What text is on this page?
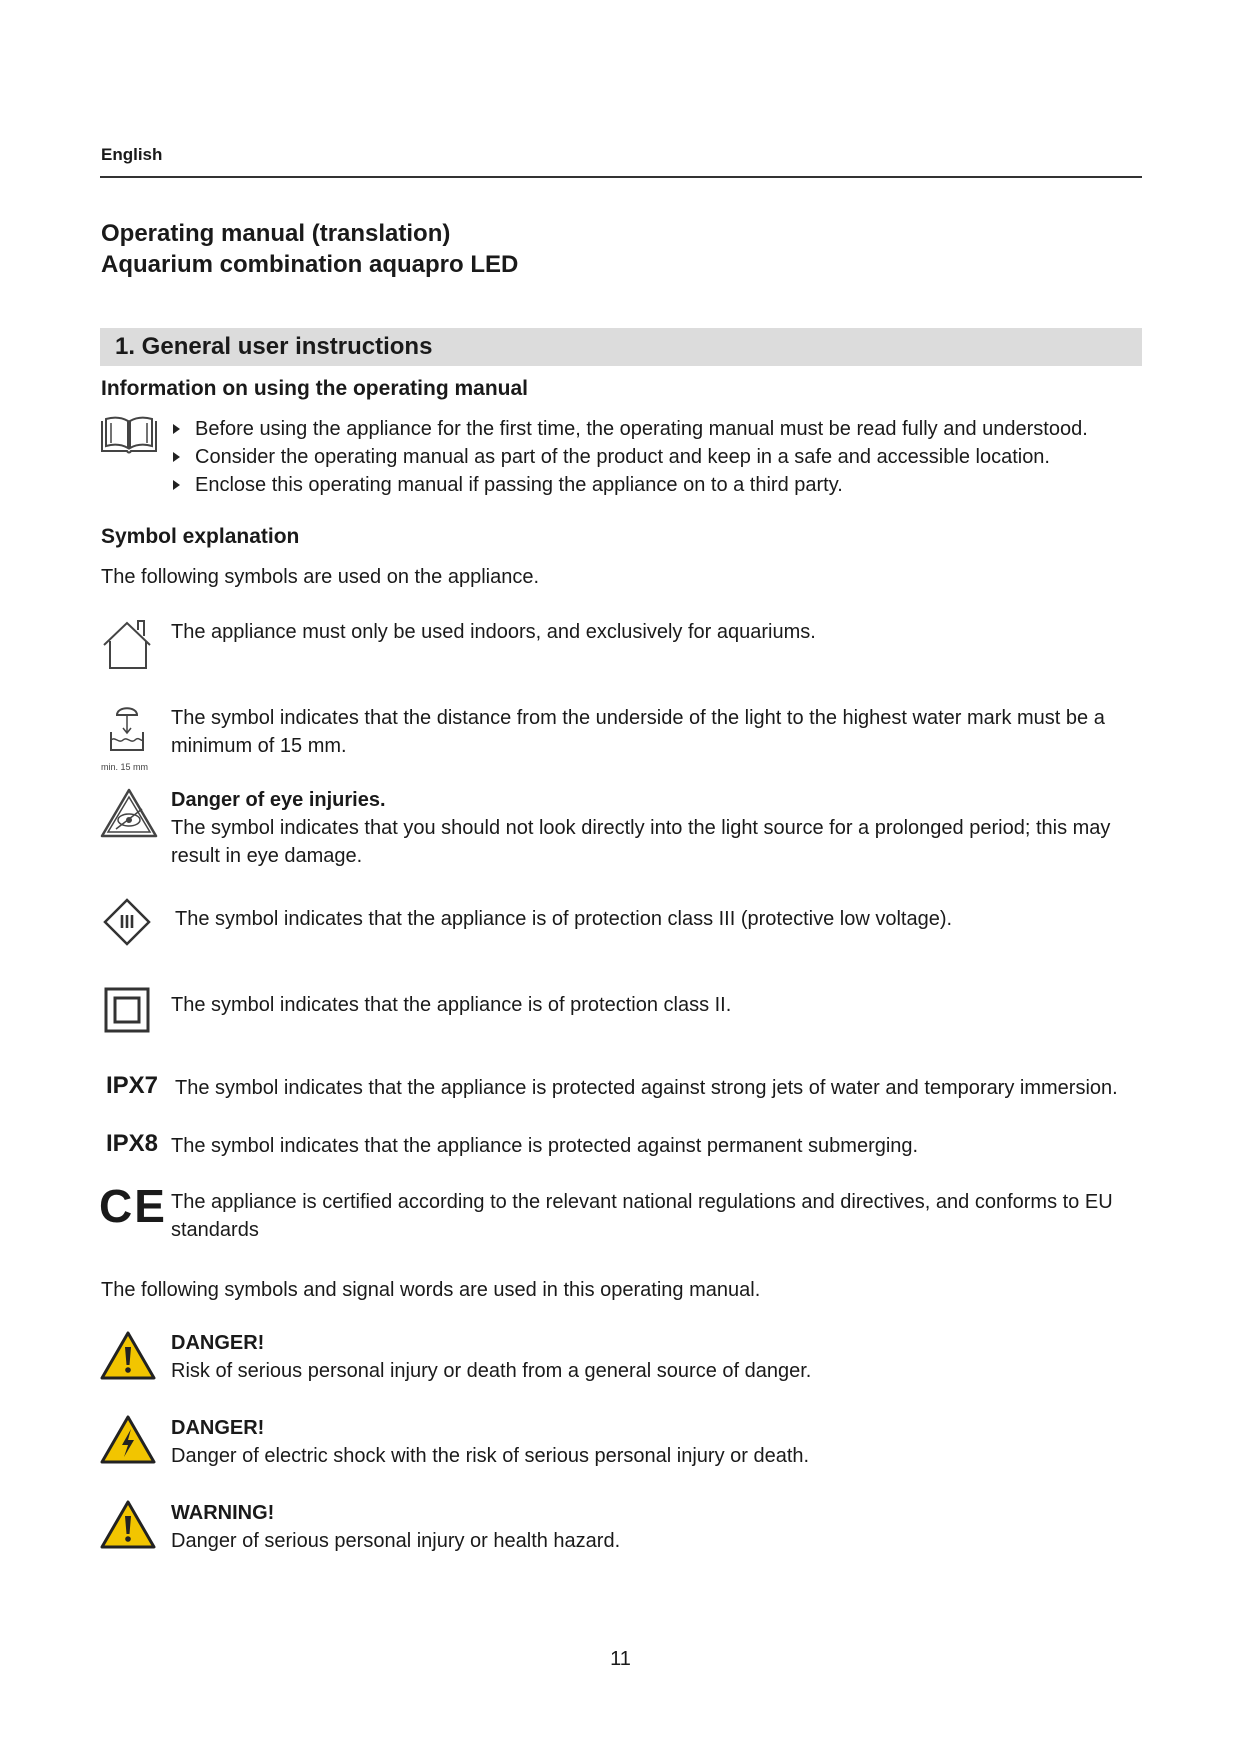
English
Operating manual (translation)
Aquarium combination aquapro LED
1. General user instructions
Information on using the operating manual
Before using the appliance for the first time, the operating manual must be read fully and understood.
Consider the operating manual as part of the product and keep in a safe and accessible location.
Enclose this operating manual if passing the appliance on to a third party.
Symbol explanation
The following symbols are used on the appliance.
The appliance must only be used indoors, and exclusively for aquariums.
min. 15 mm
The symbol indicates that the distance from the underside of the light to the highest water mark must be a minimum of 15 mm.
Danger of eye injuries.
The symbol indicates that you should not look directly into the light source for a prolonged period; this may result in eye damage.
III	The symbol indicates that the appliance is of protection class III (protective low voltage).
The symbol indicates that the appliance is of protection class II.
IPX7 The symbol indicates that the appliance is protected against strong jets of water and temporary immersion.
IPX8 The symbol indicates that the appliance is protected against permanent submerging.
CE The appliance is certified according to the relevant national regulations and directives, and conforms to EU standards
The following symbols and signal words are used in this operating manual.
DANGER!
Risk of serious personal injury or death from a general source of danger.
DANGER!
Danger of electric shock with the risk of serious personal injury or death.
WARNING!
Danger of serious personal injury or health hazard.
11
